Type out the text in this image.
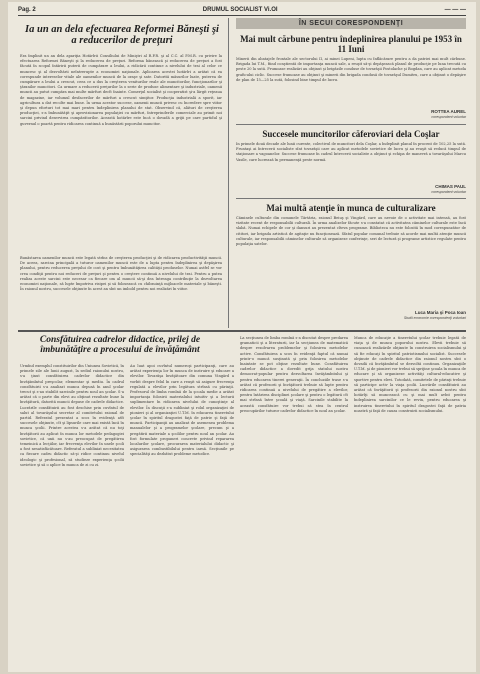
Pag. 2	DRUMUL SOCIALIST Vi.OI	— — —
Ia un an dela efectuarea Reformei Băneşti şi a reducerilor de preţuri

Era împlinit un an dela apariţia Hotărîrii Consiliului de Miniştri al R.P.R. şi al C.C. al P.M.R. cu privire la efectuarea Reformei Băneşti şi la reducerea de preţuri. Reforma bănească şi reducerea de preţuri a fost făcută în scopul întăririi puterii de cumpărare a leului, a ridicării continue a nivelului de trai al celor ce muncesc şi al dezvoltării neîntrerupte a economiei naţionale. Aplicarea acestei hotărîri a arătat că ea corespunde intereselor vitale ale oamenilor muncii de la oraşe şi sate. Datorită măsurilor luate, puterea de cumpărare a leului a crescut, ceea ce a dus la creşterea veniturilor reale ale muncitorilor, funcţionarilor şi ţăranilor muncitori. Ca urmare a reducerii preţurilor la o serie de produse alimentare şi industriale, oamenii muncii au putut cumpăra mai multe mărfuri decît înainte. Comerţul socialist şi cooperatist şi-a lărgit reţeaua de magazine, iar volumul desfacerilor de mărfuri a crescut simţitor. Producţia industrială a sporit, iar agricultura a dat recolte mai bune. În urma acestor succese, oamenii muncii privesc cu încredere spre viitor şi depun eforturi tot mai mari pentru îndeplinirea planului de stat. Observind că, alături de creşterea producţiei, s-a îmbunătăţit şi aprovizionarea populaţiei cu mărfuri, întreprinderile comerciale au primit noi sarcini privind deservirea cumpărătorilor. Această hotărîre este încă o dovadă a grijii pe care partidul şi guvernul o poartă pentru ridicarea continuă a bunăstării poporului muncitor.

Bunăstarea oamenilor muncii este legată strîns de creşterea producţiei şi de ridicarea productivităţii muncii. De aceea, sarcina principală a tuturor oamenilor muncii este de a lupta pentru îndeplinirea şi depăşirea planului, pentru reducerea preţului de cost şi pentru îmbunătăţirea calităţii produselor. Numai astfel se vor crea condiţii pentru noi reduceri de preţuri şi pentru o creştere continuă a nivelului de trai. Pentru a putea realiza aceste sarcini este necesar ca fiecare om al muncii să-şi dea întreaga contribuţie la dezvoltarea economiei naţionale, să lupte împotriva risipei şi să folosească cu chibzuinţă mijloacele materiale şi băneşti. În raionul nostru, succesele obţinute în acest an sînt un imbold pentru noi realizări în viitor.

ÎN SECUI CORESPONDENŢI
Mai mult cărbune pentru îndeplinirea planului pe 1953 în 11 Iuni

Minerii din abatajele frontale ale sectorului II, ai minei Lupeni, lupta cu înflăcărare pentru a da patriei mai mult cărbune. Brigada lui T.M., fiind conştientă de importanţa muncii sale, a reuşit să-şi depăşească planul de producţie pe luna trecută cu peste 20 la sută. Frumoase realizări au obţinut şi brigăzile conduse de tovarăşii Postolache şi Bogdan, care au aplicat metoda graficului ciclic. Succese frumoase au obţinut şi minerii din brigada condusă de tovarăşul Dumitru, care a obţinut o depăşire de plan de 15—25 la sută, folosind bine timpul de lucru.

ROTTEA AUREL
corespondent voluntar
Succesele muncitorilor căferoviari dela Coşlar

În primele două decade ale lunii curente, colectivul de muncitori dela Coşlar, a îndeplinit planul în procent de 102,25 la sută. Fruntaşi ai întrecerii socialiste sînt tovarăşii care au aplicat metodele sovietice de lucru şi au reuşit să reducă timpul de staţionare a vagoanelor. Succese frumoase în cadrul întrecerii socialiste a obţinut şi echipa de manevră a tovarăşului Marcu Vasile, care lucrează în permanenţă peste normă.

CHIMAS PAUL
corespondent voluntar
Mai multă atenţie în munca de culturalizare

Căminele culturale din comunele Tărtăria, raionul Beiuş şi Vingărd, care au nevoie de o activitate mai intensă, au fost vizitate recent de responsabilii culturali. În urma analizelor făcute s-a constatat că activitatea căminelor culturale este încă slabă. Numai echipele de cor şi dansuri au prezentat cîteva programe. Biblioteca nu este folosită în mod corespunzător de cititori, iar brigada artistică de agitaţie nu funcţionează. Sfatul popular comunal trebuie să acorde mai multă atenţie muncii culturale, iar responsabilii căminelor culturale să organizeze conferinţe, seri de lectură şi programe artistice regulate pentru populaţia satelor.

Luca Maria şi Poca Ioan
Studii economie corespondenţi voluntari
Consfătuirea cadrelor didactice, prilej de îmbunătăţire a procesului de învăţământ

Urmînd exemplul constituirilor din Uniunea Sovietică, în primele zile ale lunii august, la sediul raionului nostru, s-a ţinut consfătuirea cadrelor didactice din învăţămîntul preşcolar, elementar şi mediu. În cadrul consfătuirii s-a analizat munca depusă în anul şcolar trecut şi s-au stabilit sarcinile pentru noul an şcolar. S-a arătat că o parte din elevi au obţinut rezultate bune la învăţătură, datorită muncii depuse de cadrele didactice. Lucrările consfătuirii au fost deschise prin cuvîntul de salut al tovarăşului secretar al comitetului raional de partid. Referatul prezentat a scos în evidenţă atît succesele obţinute, cît şi lipsurile care mai există încă în munca şcolii. Printre acestea s-a arătat că nu toţi învăţătorii au aplicat în munca lor metodele pedagogiei sovietice, că unii nu s-au preocupat de pregătirea temeinică a lecţiilor, iar frecvenţa elevilor în unele şcoli a fost nesatisfăcătoare. Referatul a subliniat necesitatea ca fiecare cadru didactic să-şi ridice continuu nivelul ideologic şi profesional, să studieze experienţa şcolii sovietice şi să o aplice în munca de zi cu zi.

Au luat apoi cuvîntul numeroşi participanţi, care au arătat experienţa lor în munca de instruire şi educare a elevilor. Tovarăşa învăţătoare din comuna Vingărd a vorbit despre felul în care a reuşit să asigure frecvenţa regulată a elevilor prin legătura strînsă cu părinţii. Profesorul de limba romînă de la şcoala medie a arătat importanţa folosirii materialului intuitiv şi a lecturii suplimentare în ridicarea nivelului de cunoştinţe al elevilor. În discuţii s-a subliniat şi rolul organizaţiei de pionieri şi al organizaţiei U.T.M. în educarea tineretului şcolar în spiritul dragostei faţă de patrie şi faţă de muncă. Participanţii au analizat de asemenea problema manualelor şi a programelor şcolare, precum şi a pregătirii materiale a şcolilor pentru noul an şcolar. Au fost formulate propuneri concrete privind repararea localurilor şcolare, procurarea materialului didactic şi asigurarea combustibilului pentru iarnă. Secţiunile pe specialităţi au dezbătut probleme metodice.

La secţiunea de limba romînă s-a discutat despre predarea gramaticii şi a literaturii, iar la secţiunea de matematică despre rezolvarea problemelor şi folosirea metodelor active. Consfătuirea a scos în evidenţă faptul că numai printr-o muncă susţinută şi prin folosirea metodelor înaintate se pot obţine rezultate bune. Consfătuirea cadrelor didactice a dovedit grija statului nostru democrat-popular pentru dezvoltarea învăţămîntului şi pentru educarea tinerei generaţii. În concluziile trase s-a arătat că profesorii şi învăţătorii trebuie să lupte pentru ridicarea continuă a nivelului de pregătire a elevilor, pentru întărirea disciplinei şcolare şi pentru o legătură cît mai strînsă între şcoală şi viaţă. Sarcinile stabilite la această consfătuire vor trebui să stea în centrul preocupărilor tuturor cadrelor didactice în noul an şcolar.

Munca de educaţie a tineretului şcolar trebuie legată de viaţa şi de munca poporului nostru. Elevii trebuie să cunoască realizările obţinute în construirea socialismului şi să fie educaţi în spiritul patriotismului socialist. Succesele obţinute de cadrele didactice din raionul nostru sînt o dovadă că învăţămîntul se dezvoltă continuu. Organizaţiile U.T.M. şi de pionieri vor trebui să sprijine şcoala în munca de educare şi să organizeze activităţi cultural-educative şi sportive pentru elevi. Totodată, comitetele de părinţi trebuie să participe activ la viaţa şcolii. Lucrările consfătuirii au arătat că învăţătorii şi profesorii din raionul nostru sînt hotărîţi să muncească cu şi mai mult avînt pentru îndeplinirea sarcinilor ce le revin, pentru educarea şi instruirea tineretului în spiritul dragostei faţă de patria noastră şi faţă de cauza construirii socialismului.
